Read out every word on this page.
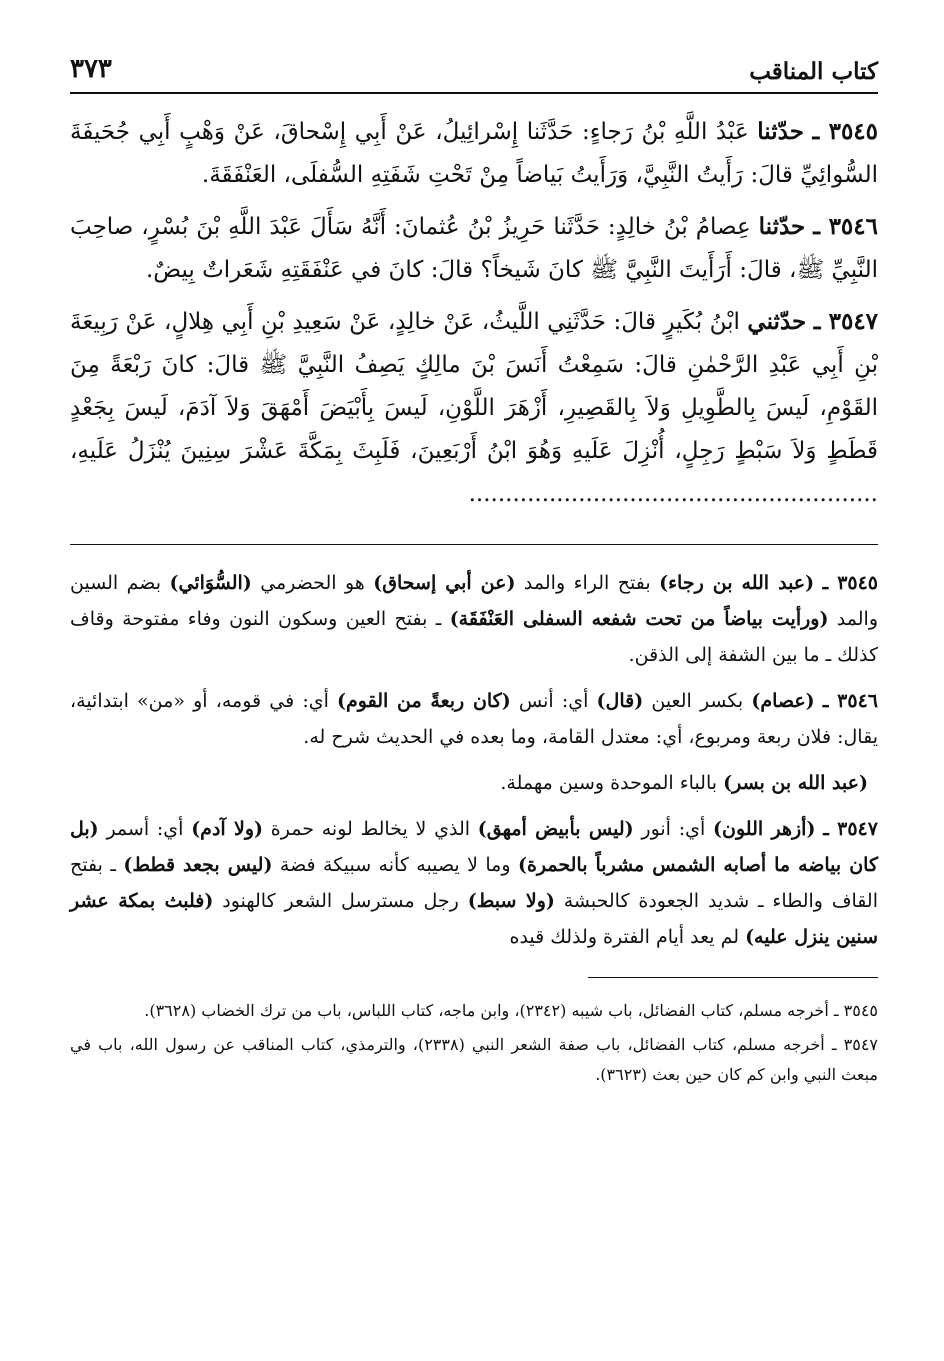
كتاب المناقب
٣٧٣

٣٥٤٥ ـ حدّثنا عَبْدُ اللَّهِ بْنُ رَجاءٍ: حَدَّثَنا إِسْرائِيلُ، عَنْ أَبِي إِسْحاقَ، عَنْ وَهْبٍ أَبِي جُحَيفَةَ السُّوائِيِّ قالَ: رَأَيتُ النَّبِيَّ، وَرَأَيتُ بَياضاً مِنْ تَحْتِ شَفَتِهِ السُّفلَى، العَنْفَقَةَ.

٣٥٤٦ ـ حدّثنا عِصامُ بْنُ خالِدٍ: حَدَّثَنا حَرِيزُ بْنُ عُثمانَ: أَنَّهُ سَأَلَ عَبْدَ اللَّهِ بْنَ بُسْرٍ، صاحِبَ النَّبِيِّ ﷺ، قالَ: أَرَأَيتَ النَّبِيَّ ﷺ كانَ شَيخاً؟ قالَ: كانَ في عَنْفَقَتِهِ شَعَراتٌ بِيضٌ.

٣٥٤٧ ـ حدّثني ابْنُ بُكَيرٍ قالَ: حَدَّثَنِي اللَّيثُ، عَنْ خالِدٍ، عَنْ سَعِيدِ بْنِ أَبِي هِلالٍ، عَنْ رَبِيعَةَ بْنِ أَبِي عَبْدِ الرَّحْمٰنِ قالَ: سَمِعْتُ أَنَسَ بْنَ مالِكٍ يَصِفُ النَّبِيَّ ﷺ قالَ: كانَ رَبْعَةً مِنَ القَوْمِ، لَيسَ بِالطَّوِيلِ وَلاَ بِالقَصِيرِ، أَزْهَرَ اللَّوْنِ، لَيسَ بِأَبْيَضَ أَمْهَقَ وَلاَ آدَمَ، لَيسَ بِجَعْدٍ قَطَطٍ وَلاَ سَبْطٍ رَجِلٍ، أُنْزِلَ عَلَيهِ وَهُوَ ابْنُ أَرْبَعِينَ، فَلَبِثَ بِمَكَّةَ عَشْرَ سِنِينَ يُنْزَلُ عَلَيهِ، ........................................................

٣٥٤٥ ـ (عبد الله بن رجاء) بفتح الراء والمد (عن أبي إسحاق) هو الحضرمي (السُّوَائي) بضم السين والمد (ورأيت بياضاً من تحت شفعه السفلى العَنْفَقَة) ـ بفتح العين وسكون النون وفاء مفتوحة وقاف كذلك ـ ما بين الشفة إلى الذقن.

٣٥٤٦ ـ (عصام) بكسر العين (قال) أي: أنس (كان ربعةً من القوم) أي: في قومه، أو «من» ابتدائية، يقال: فلان ربعة ومربوع، أي: معتدل القامة، وما بعده في الحديث شرح له.

(عبد الله بن بسر) بالباء الموحدة وسين مهملة.

٣٥٤٧ ـ (أزهر اللون) أي: أنور (ليس بأبيض أمهق) الذي لا يخالط لونه حمرة (ولا آدم) أي: أسمر (بل كان بياضه ما أصابه الشمس مشرباً بالحمرة) وما لا يصيبه كأنه سبيكة فضة (ليس بجعد قطط) ـ بفتح القاف والطاء ـ شديد الجعودة كالحبشة (ولا سبط) رجل مسترسل الشعر كالهنود (فلبث بمكة عشر سنين ينزل عليه) لم يعد أيام الفترة ولذلك قيده

٣٥٤٥ ـ أخرجه مسلم، كتاب الفضائل، باب شيبه (٢٣٤٢)، وابن ماجه، كتاب اللباس، باب من ترك الخضاب (٣٦٢٨).

٣٥٤٧ ـ أخرجه مسلم، كتاب الفضائل، باب صفة الشعر النبي (٢٣٣٨)، والترمذي، كتاب المناقب عن رسول الله، باب في مبعث النبي وابن كم كان حين بعث (٣٦٢٣).
